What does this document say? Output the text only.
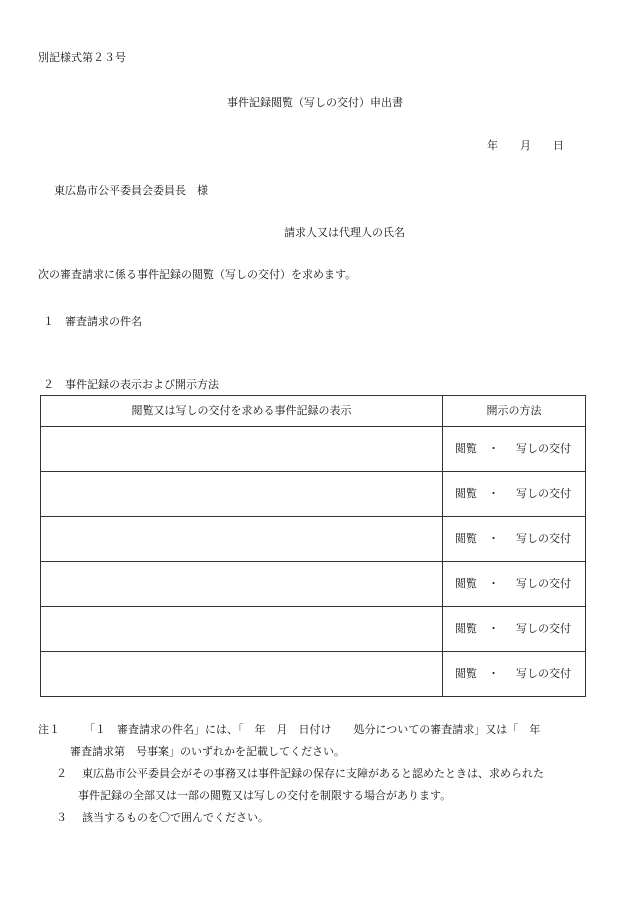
別記様式第２３号
事件記録閲覧（写しの交付）申出書
年 月 日
東広島市公平委員会委員長　様
請求人又は代理人の氏名
次の審査請求に係る事件記録の閲覧（写しの交付）を求めます。
１ 審査請求の件名
２ 事件記録の表示および開示方法
閲覧又は写しの交付を求める事件記録の表示	開示の方法
	閲覧 ・ 写しの交付
	閲覧 ・ 写しの交付
	閲覧 ・ 写しの交付
	閲覧 ・ 写しの交付
	閲覧 ・ 写しの交付
	閲覧 ・ 写しの交付
注１	「１　審査請求の件名」には、「　年　月　日付け　　処分についての審査請求」又は「　年
審査請求第　号事案」のいずれかを記載してください。
２ 東広島市公平委員会がその事務又は事件記録の保存に支障があると認めたときは、求められた

事件記録の全部又は一部の閲覧又は写しの交付を制限する場合があります。
３ 該当するものを〇で囲んでください。
